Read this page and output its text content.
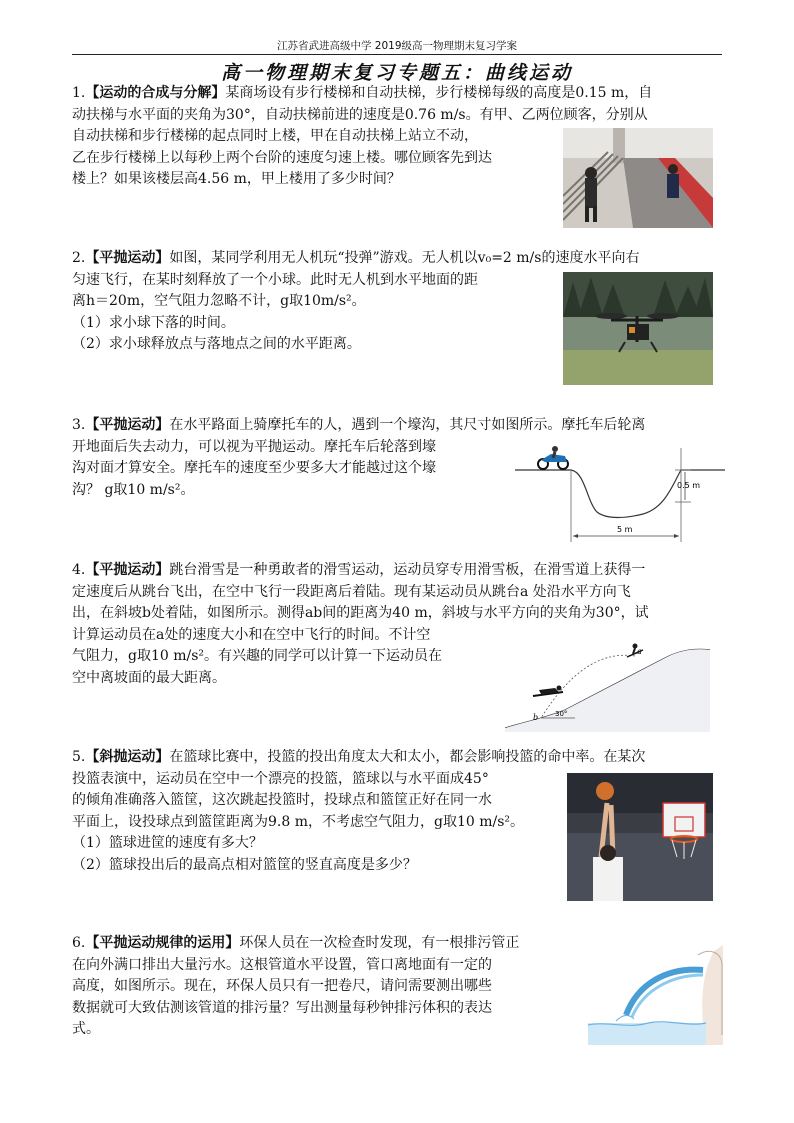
江苏省武进高级中学 2019级高一物理期末复习学案
高一物理期末复习专题五：曲线运动

1.【运动的合成与分解】某商场设有步行楼梯和自动扶梯，步行楼梯每级的高度是0.15 m，自

动扶梯与水平面的夹角为30°，自动扶梯前进的速度是0.76 m/s。有甲、乙两位顾客，分别从

自动扶梯和步行楼梯的起点同时上楼，甲在自动扶梯上站立不动，

乙在步行楼梯上以每秒上两个台阶的速度匀速上楼。哪位顾客先到达

楼上？如果该楼层高4.56 m，甲上楼用了多少时间？

2.【平抛运动】如图，某同学利用无人机玩“投弹”游戏。无人机以v₀=2 m/s的速度水平向右

匀速飞行，在某时刻释放了一个小球。此时无人机到水平地面的距

离h＝20m，空气阻力忽略不计，g取10m/s²。

（1）求小球下落的时间。

（2）求小球释放点与落地点之间的水平距离。

3.【平抛运动】在水平路面上骑摩托车的人，遇到一个壕沟，其尺寸如图所示。摩托车后轮离

开地面后失去动力，可以视为平抛运动。摩托车后轮落到壕

沟对面才算安全。摩托车的速度至少要多大才能越过这个壕

沟？ g取10 m/s²。	0.5 m
5 m

4.【平抛运动】跳台滑雪是一种勇敢者的滑雪运动，运动员穿专用滑雪板，在滑雪道上获得一

定速度后从跳台飞出，在空中飞行一段距离后着陆。现有某运动员从跳台a 处沿水平方向飞

出，在斜坡b处着陆，如图所示。测得ab间的距离为40 m，斜坡与水平方向的夹角为30°，试

计算运动员在a处的速度大小和在空中飞行的时间。不计空

气阻力，g取10 m/s²。有兴趣的同学可以计算一下运动员在

空中离坡面的最大距离。

b 30°

5.【斜抛运动】在篮球比赛中，投篮的投出角度太大和太小，都会影响投篮的命中率。在某次

投篮表演中，运动员在空中一个漂亮的投篮，篮球以与水平面成45°

的倾角准确落入篮筐，这次跳起投篮时，投球点和篮筐正好在同一水

平面上，设投球点到篮筐距离为9.8 m，不考虑空气阻力，g取10 m/s²。

（1）篮球进筐的速度有多大？

（2）篮球投出后的最高点相对篮筐的竖直高度是多少？

6.【平抛运动规律的运用】环保人员在一次检查时发现，有一根排污管正

在向外满口排出大量污水。这根管道水平设置，管口离地面有一定的

高度，如图所示。现在，环保人员只有一把卷尺，请问需要测出哪些

数据就可大致估测该管道的排污量？写出测量每秒钟排污体积的表达

式。
